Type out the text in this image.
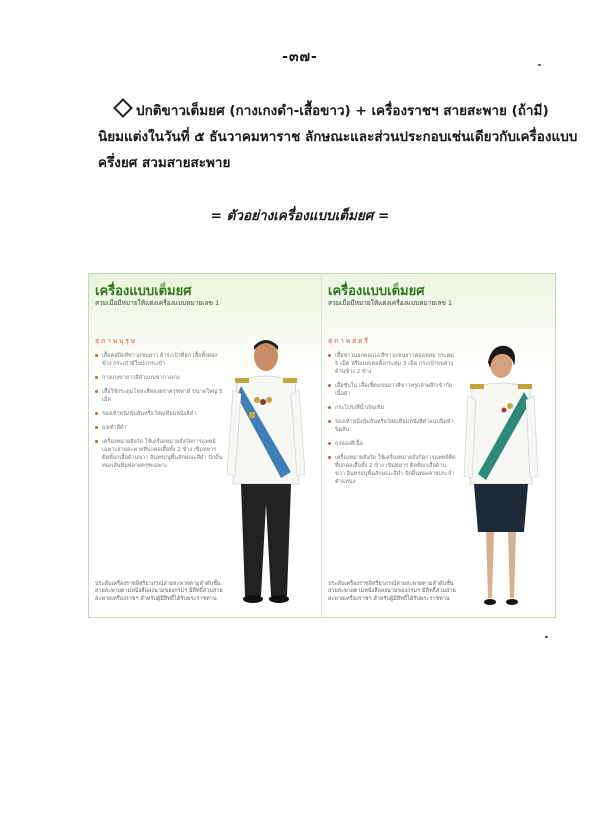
-๓๗-
ปกติขาวเต็มยศ (กางเกงดำ-เสื้อขาว) + เครื่องราชฯ สายสะพาย (ถ้ามี)
นิยมแต่งในวันที่ ๕ ธันวาคมหาราช ลักษณะและส่วนประกอบเช่นเดียวกับเครื่องแบบ
ครึ่งยศ สวมสายสะพาย
= ตัวอย่างเครื่องแบบเต็มยศ =
เครื่องแบบเต็มยศ
สวมเมื่อมีหมายให้แต่งเครื่องแบบหมายเลข 1
สุภาพบุรุษ
เสื้อคอปิดสีขาวแขนยาว ผ้าระเบ้าที่อก เสื้อทั้งสองข้าง กระเป๋ามีใบปกกระเป๋า
กางเกงขายาวสีดำแบบขากางเกง
เสื้อใช้กระดุมโลหะสีทองตราครุฑพ่าห์ ขนาดใหญ่ 5 เม็ด
รองเท้าหนังหุ้มส้นหรือวัสดุเทียมหนังสีดำ
ถุงเท้าสีดำ
เครื่องหมายสังกัด ใช้เครื่องหมายสังกัดการแพทย์เฉพาะสายสะพายที่ปกคอเสื้อทั้ง 2 ข้าง เข็มทหาร ติดที่อกเสื้อด้านขวา อินทรธนูพื้นลักษณะสีดำ ปักดิ้นทองเส้นพิมพ์ลายครุฑเฉพาะ
ประดับเครื่องราชอิสริยาภรณ์สายสะพายตามลำดับชั้นสายสะพายตามหนังสือลงนามของกรมฯ มีสิทธิ์สวมสายสะพายเครื่องราชฯ สำหรับผู้มีสิทธิ์ได้รับพระราชทาน
เครื่องแบบเต็มยศ
สวมเมื่อมีหมายให้แต่งเครื่องแบบหมายเลข 1
สุภาพสตรี
เสื้อขาวนอกคอแบะสีขาวแขนยาวคอแหลม กระดุม 5 เม็ด หรือแบบคอตั้งกระดุม 3 เม็ด กระเป๋าบนล่างด้านข้าง 2 ข้าง
เสื้อซับใน เสื้อเชิ้ตแขนยาวสีขาวหรูกล้าผลึกเข้ากับเนื้อผ้า
กระโปรงสีน้ำเงินเข้ม
รองเท้าหนังหุ้มส้นหรือวัสดุเทียมหนังสีดำแบบปิดหัวปิดส้น
ถุงน่องสีเนื้อ
เครื่องหมายสังกัด ใช้เครื่องหมายสังกัดการแพทย์ติดที่ปกคอเสื้อทั้ง 2 ข้าง เข็มทหาร ติดที่อกเสื้อด้านขวา อินทรธนูพื้นลักษณะสีดำ ปักดิ้นทองลายประจำตำแหน่ง
ประดับเครื่องราชอิสริยาภรณ์สายสะพายตามลำดับชั้นสายสะพายตามหนังสือลงนามของกรมฯ มีสิทธิ์สวมสายสะพายเครื่องราชฯ สำหรับผู้มีสิทธิ์ได้รับพระราชทาน
